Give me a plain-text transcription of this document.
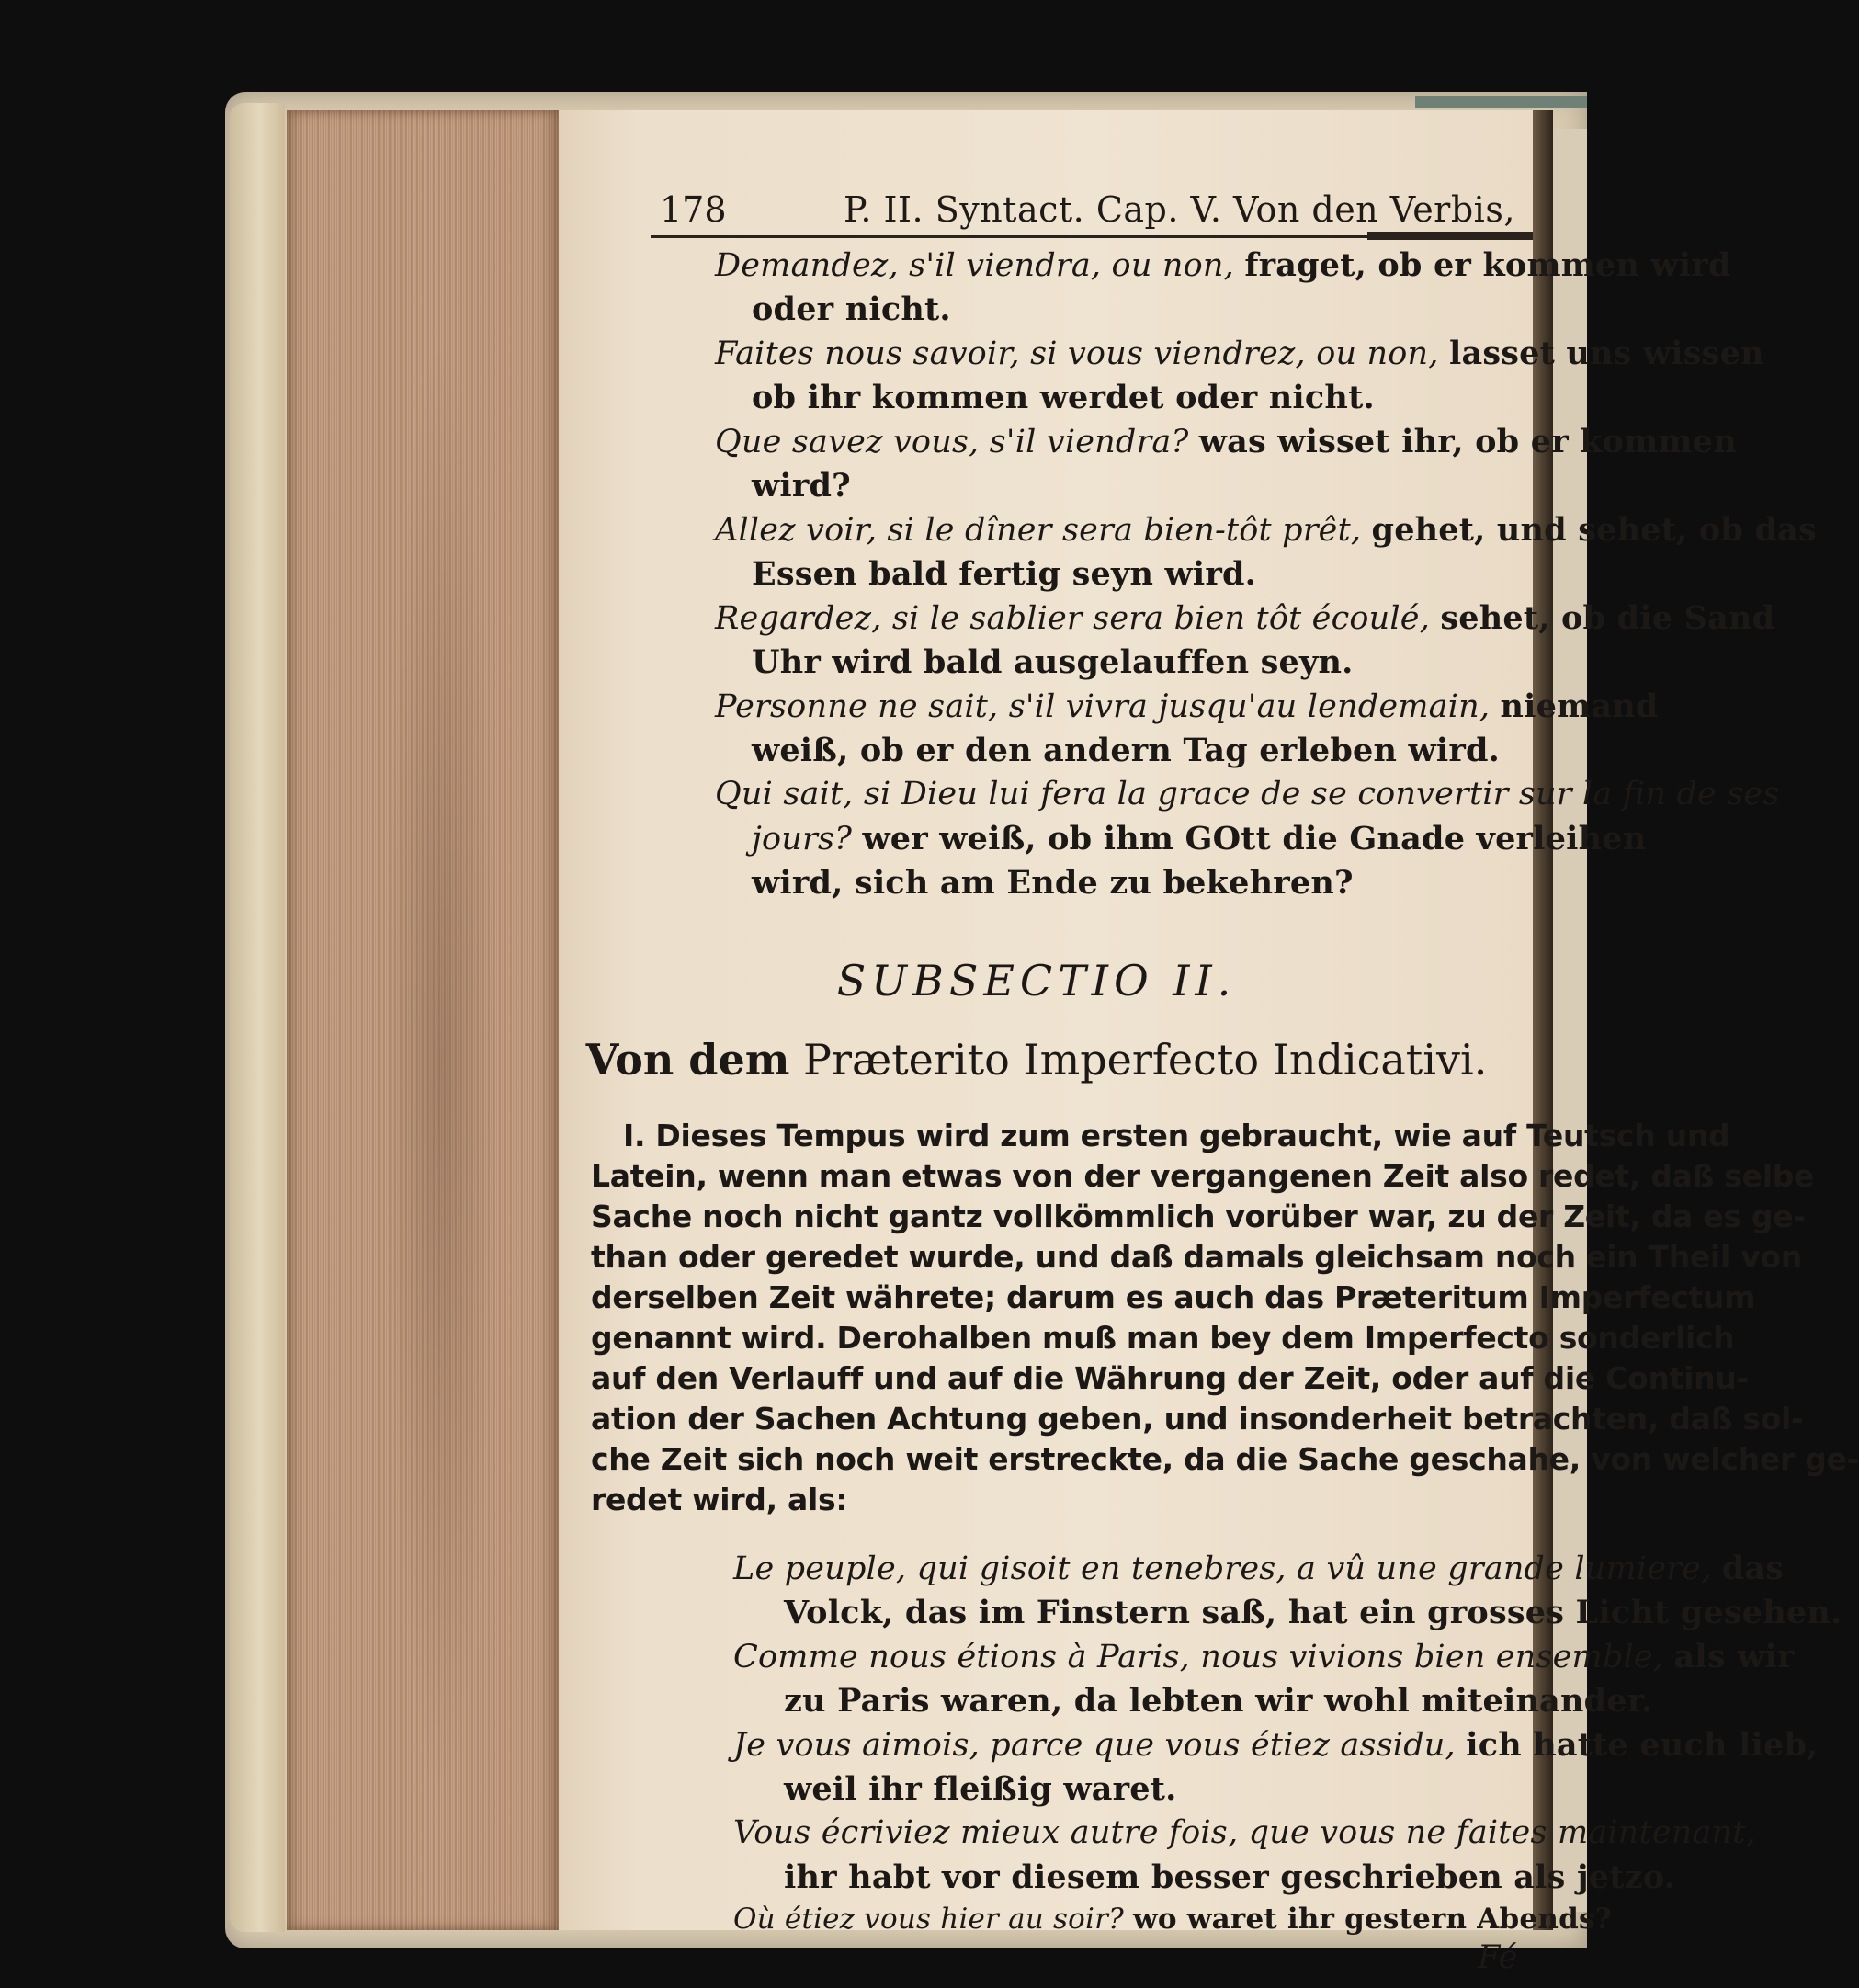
178	P. II. Syntact. Cap. V. Von den Verbis,
Demandez, s'il viendra, ou non, fraget, ob er kommen wird
oder nicht.
Faites nous savoir, si vous viendrez, ou non, lasset uns wissen
ob ihr kommen werdet oder nicht.
Que savez vous, s'il viendra? was wisset ihr, ob er kommen
wird?
Allez voir, si le dîner sera bien-tôt prêt, gehet, und sehet, ob das
Essen bald fertig seyn wird.
Regardez, si le sablier sera bien tôt écoulé, sehet, ob die Sand
Uhr wird bald ausgelauffen seyn.
Personne ne sait, s'il vivra jusqu'au lendemain, niemand
weiß, ob er den andern Tag erleben wird.
Qui sait, si Dieu lui fera la grace de se convertir sur la fin de ses
jours? wer weiß, ob ihm GOtt die Gnade verleihen
wird, sich am Ende zu bekehren?
SUBSECTIO II.
Von dem Præterito Imperfecto Indicativi.
I. Dieses Tempus wird zum ersten gebraucht, wie auf Teutsch und
Latein, wenn man etwas von der vergangenen Zeit also redet, daß selbe
Sache noch nicht gantz vollkömmlich vorüber war, zu der Zeit, da es ge-
than oder geredet wurde, und daß damals gleichsam noch ein Theil von
derselben Zeit währete; darum es auch das Præteritum Imperfectum
genannt wird. Derohalben muß man bey dem Imperfecto sonderlich
auf den Verlauff und auf die Währung der Zeit, oder auf die Continu-
ation der Sachen Achtung geben, und insonderheit betrachten, daß sol-
che Zeit sich noch weit erstreckte, da die Sache geschahe, von welcher ge-
redet wird, als:
Le peuple, qui gisoit en tenebres, a vû une grande lumiere, das
Volck, das im Finstern saß, hat ein grosses Licht gesehen.
Comme nous étions à Paris, nous vivions bien ensemble, als wir
zu Paris waren, da lebten wir wohl miteinander.
Je vous aimois, parce que vous étiez assidu, ich hatte euch lieb,
weil ihr fleißig waret.
Vous écriviez mieux autre fois, que vous ne faites maintenant,
ihr habt vor diesem besser geschrieben als jetzo.
Où étiez vous hier au soir? wo waret ihr gestern Abends?
Fé
